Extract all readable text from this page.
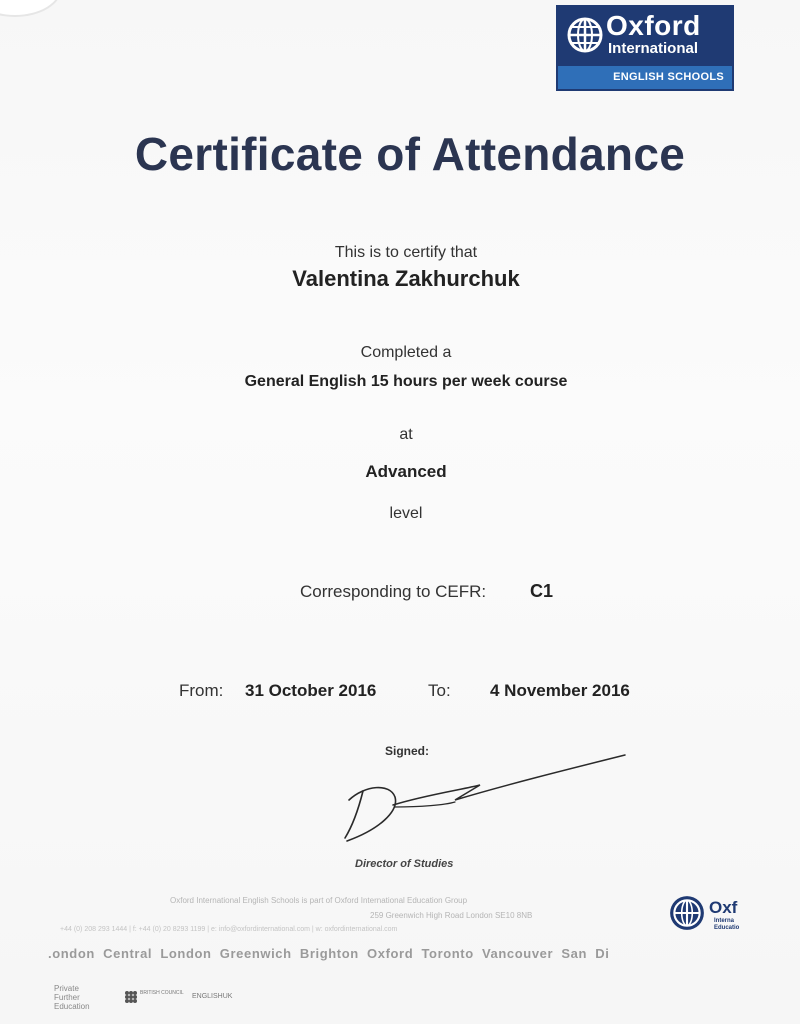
Oxford
International
ENGLISH SCHOOLS
Certificate of Attendance
This is to certify that
Valentina Zakhurchuk
Completed a
General English 15 hours per week course
at
Advanced
level
Corresponding to CEFR: C1
From: 31 October 2016	To: 4 November 2016
Signed:
Director of Studies
Oxford International English Schools is part of Oxford International Education Group
259 Greenwich High Road London SE10 8NB
+44 (0) 208 293 1444 | f: +44 (0) 20 8293 1199 | e: info@oxfordinternational.com | w: oxfordinternational.com
Oxf
Interna
Educatio
.ondon Central London Greenwich Brighton Oxford Toronto Vancouver San Di
Private Further Education
BRITISH COUNCIL ENGLISHUK
